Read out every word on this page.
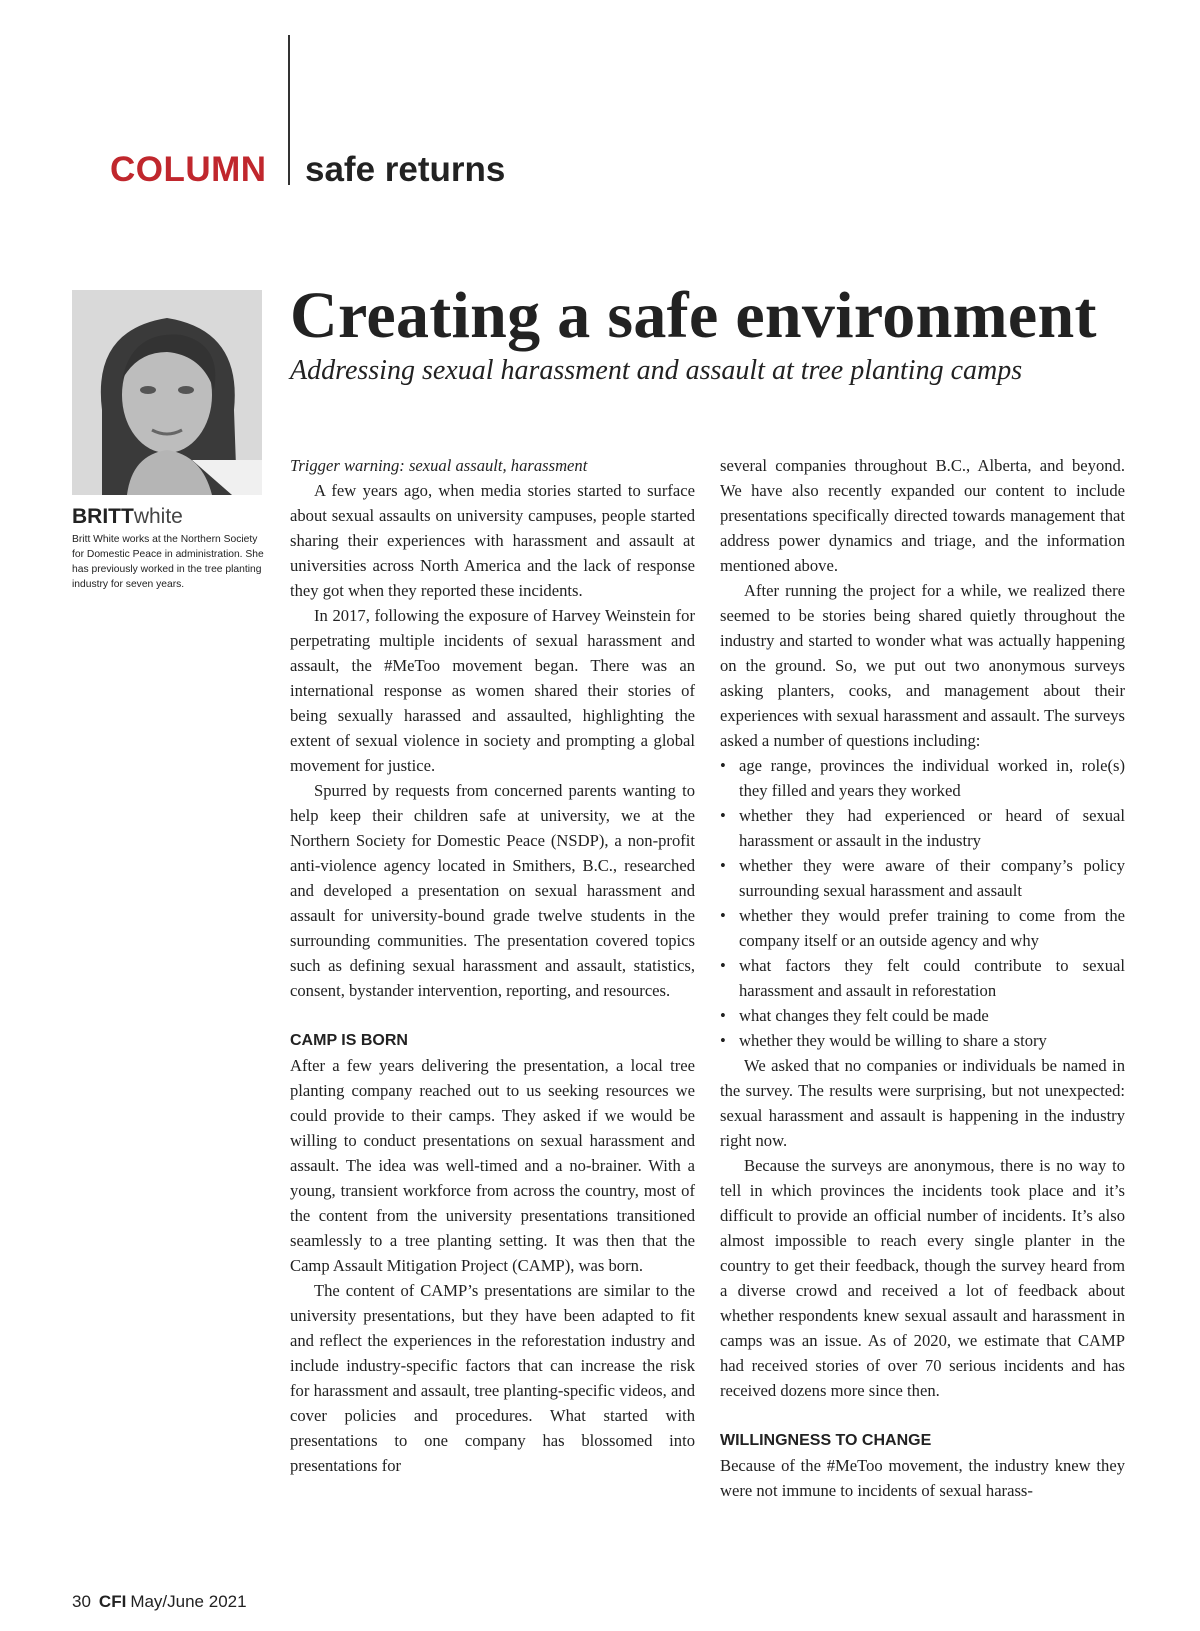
COLUMN safe returns
Creating a safe environment
Addressing sexual harassment and assault at tree planting camps
BRITTwhite
Britt White works at the Northern Society for Domestic Peace in administration. She has previously worked in the tree planting industry for seven years.

Trigger warning: sexual assault, harassment

A few years ago, when media stories started to surface about sexual assaults on university campuses, people started sharing their experiences with harassment and assault at universities across North America and the lack of response they got when they reported these incidents.

In 2017, following the exposure of Harvey Weinstein for perpetrating multiple incidents of sexual harassment and assault, the #MeToo movement began. There was an international response as women shared their stories of being sexually harassed and assaulted, highlighting the extent of sexual violence in society and prompting a global movement for justice.

Spurred by requests from concerned parents wanting to help keep their children safe at university, we at the Northern Society for Domestic Peace (NSDP), a non-profit anti-violence agency located in Smithers, B.C., researched and developed a presentation on sexual harassment and assault for university-bound grade twelve students in the surrounding communities. The presentation covered topics such as defining sexual harassment and assault, statistics, consent, bystander intervention, reporting, and resources.

CAMP IS BORN

After a few years delivering the presentation, a local tree planting company reached out to us seeking resources we could provide to their camps. They asked if we would be willing to conduct presentations on sexual harassment and assault. The idea was well-timed and a no-brainer. With a young, transient workforce from across the country, most of the content from the university presentations transitioned seamlessly to a tree planting setting. It was then that the Camp Assault Mitigation Project (CAMP), was born.

The content of CAMP’s presentations are similar to the university presentations, but they have been adapted to fit and reflect the experiences in the reforestation industry and include industry-specific factors that can increase the risk for harassment and assault, tree planting-specific videos, and cover policies and procedures. What started with presentations to one company has blossomed into presentations for

several companies throughout B.C., Alberta, and beyond. We have also recently expanded our content to include presentations specifically directed towards management that address power dynamics and triage, and the information mentioned above.

After running the project for a while, we realized there seemed to be stories being shared quietly throughout the industry and started to wonder what was actually happening on the ground. So, we put out two anonymous surveys asking planters, cooks, and management about their experiences with sexual harassment and assault. The surveys asked a number of questions including:

• age range, provinces the individual worked in, role(s) they filled and years they worked
• whether they had experienced or heard of sexual harassment or assault in the industry
• whether they were aware of their company’s policy surrounding sexual harassment and assault
• whether they would prefer training to come from the company itself or an outside agency and why
• what factors they felt could contribute to sexual harassment and assault in reforestation
• what changes they felt could be made
• whether they would be willing to share a story

We asked that no companies or individuals be named in the survey. The results were surprising, but not unexpected: sexual harassment and assault is happening in the industry right now.

Because the surveys are anonymous, there is no way to tell in which provinces the incidents took place and it’s difficult to provide an official number of incidents. It’s also almost impossible to reach every single planter in the country to get their feedback, though the survey heard from a diverse crowd and received a lot of feedback about whether respondents knew sexual assault and harassment in camps was an issue. As of 2020, we estimate that CAMP had received stories of over 70 serious incidents and has received dozens more since then.

WILLINGNESS TO CHANGE

Because of the #MeToo movement, the industry knew they were not immune to incidents of sexual harass-

30 CFI May/June 2021
